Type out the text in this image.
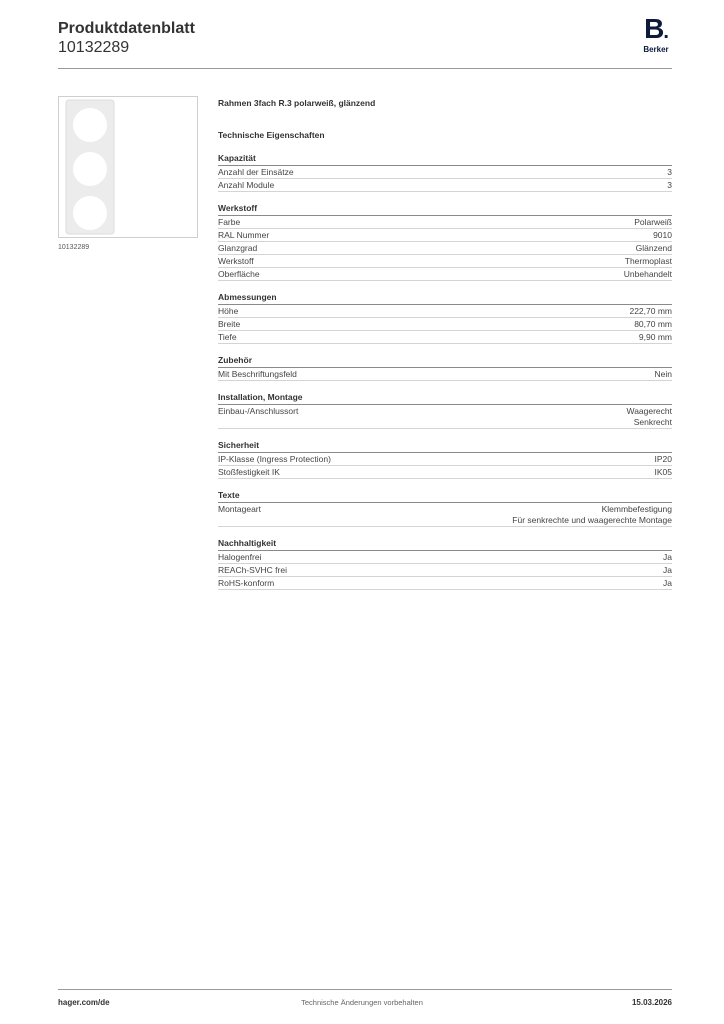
Produktdatenblatt
10132289
B.
Berker
10132289
Rahmen 3fach R.3 polarweiß, glänzend
Technische Eigenschaften
Kapazität
Anzahl der Einsätze	3
Anzahl Module	3
Werkstoff
Farbe	Polarweiß
RAL Nummer	9010
Glanzgrad	Glänzend
Werkstoff	Thermoplast
Oberfläche	Unbehandelt
Abmessungen
Höhe	222,70 mm
Breite	80,70 mm
Tiefe	9,90 mm
Zubehör
Mit Beschriftungsfeld	Nein
Installation, Montage
Einbau-/Anschlussort	Waagerecht
Senkrecht
Sicherheit
IP-Klasse (Ingress Protection)	IP20
Stoßfestigkeit IK	IK05
Texte
Montageart	Klemmbefestigung
Für senkrechte und waagerechte Montage
Nachhaltigkeit
Halogenfrei	Ja
REACh-SVHC frei	Ja
RoHS-konform	Ja
hager.com/de	Technische Änderungen vorbehalten	15.03.2026
